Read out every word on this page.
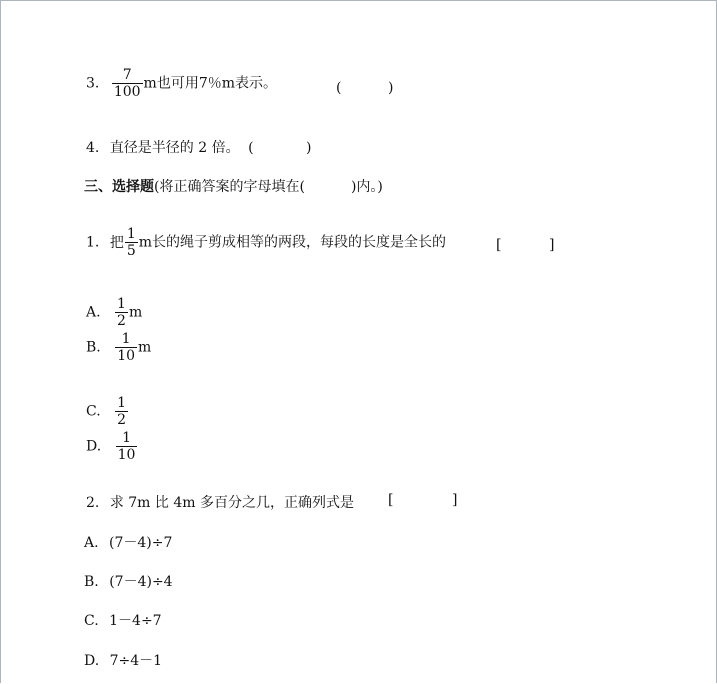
3. $\frac{7}{100}$ m也可用7％m表示。	(	)
4. 直径是半径的 2 倍。 (	)
三、选择题(将正确答案的字母填在(	)内。)
1. 把 $\frac{1}{5}$ m长的绳子剪成相等的两段，每段的长度是全长的	[	]
A. $\frac{1}{2}$ m
B. $\frac{1}{10}$ m
C. $\frac{1}{2}$
D. $\frac{1}{10}$
2. 求 7m 比 4m 多百分之几，正确列式是 [	]
A. (7－4)÷7
B. (7－4)÷4
C. 1－4÷7
D. 7÷4－1
